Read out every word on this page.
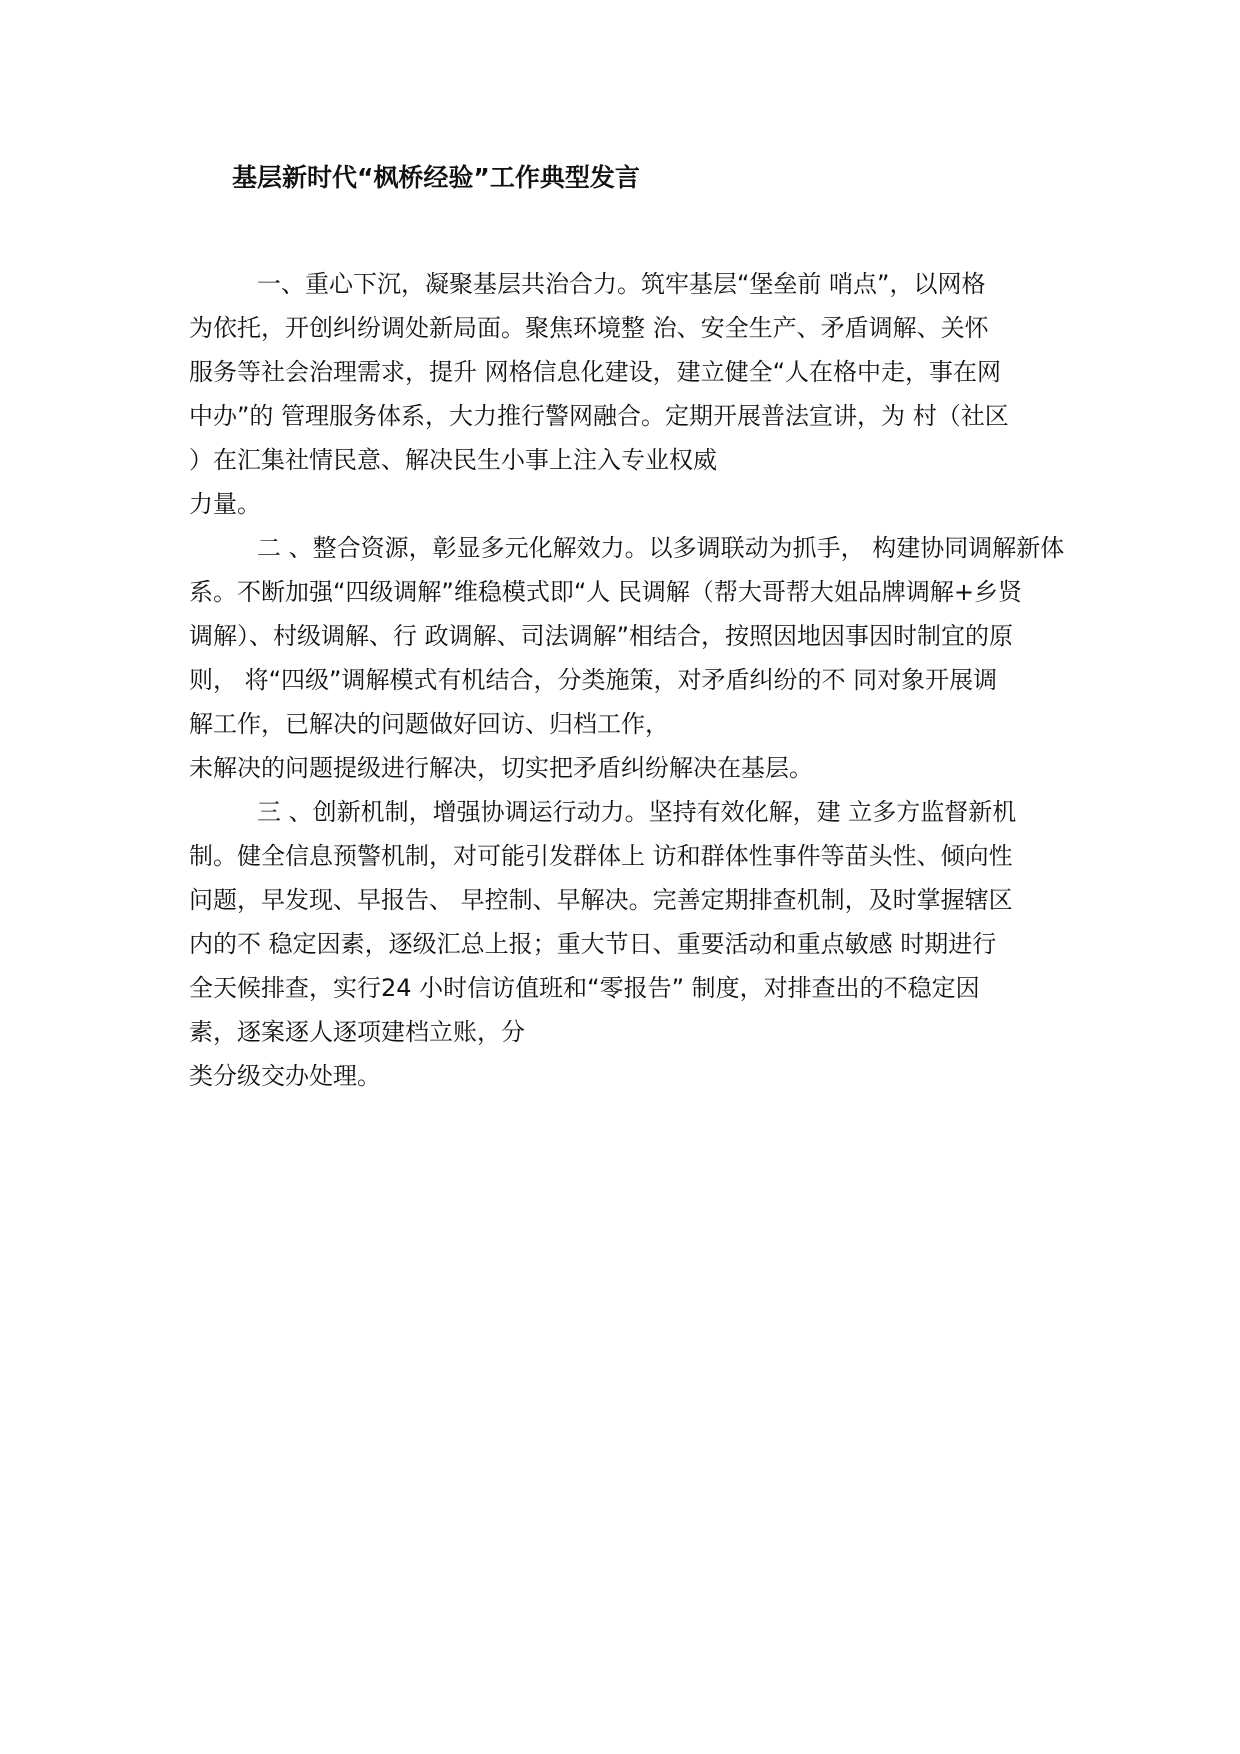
基层新时代“枫桥经验”工作典型发言
一、重心下沉，凝聚基层共治合力。筑牢基层“堡垒前 哨点”，以网格
为依托，开创纠纷调处新局面。聚焦环境整 治、安全生产、矛盾调解、关怀
服务等社会治理需求，提升 网格信息化建设，建立健全“人在格中走，事在网
中办”的 管理服务体系，大力推行警网融合。定期开展普法宣讲，为 村（社区
）在汇集社情民意、解决民生小事上注入专业权威
力量。
二 、整合资源，彰显多元化解效力。以多调联动为抓手， 构建协同调解新体
系。不断加强“四级调解”维稳模式即“人 民调解（帮大哥帮大姐品牌调解+乡贤
调解）、村级调解、行 政调解、司法调解”相结合，按照因地因事因时制宜的原
则， 将“四级”调解模式有机结合，分类施策，对矛盾纠纷的不 同对象开展调
解工作，已解决的问题做好回访、归档工作，
未解决的问题提级进行解决，切实把矛盾纠纷解决在基层。
三 、创新机制，增强协调运行动力。坚持有效化解，建 立多方监督新机
制。健全信息预警机制，对可能引发群体上 访和群体性事件等苗头性、倾向性
问题，早发现、早报告、 早控制、早解决。完善定期排查机制，及时掌握辖区
内的不 稳定因素，逐级汇总上报；重大节日、重要活动和重点敏感 时期进行
全天候排查，实行24 小时信访值班和“零报告” 制度，对排查出的不稳定因
素，逐案逐人逐项建档立账，分
类分级交办处理。
